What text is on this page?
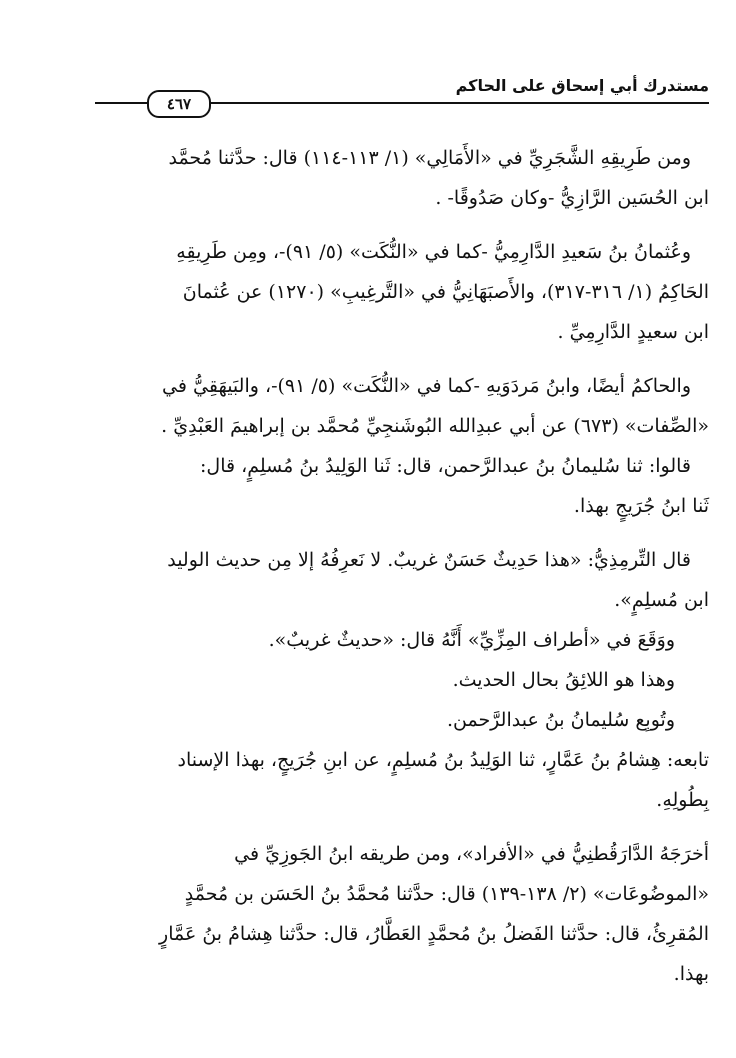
مستدرك أبي إسحاق على الحاكم
٤٦٧
ومن طَرِيقِهِ الشَّجَرِيِّ في «الأَمَالِي» (١/ ١١٣-١١٤) قال: حدَّثنا مُحمَّد
ابن الحُسَين الرَّازِيُّ -وكان صَدُوقًا- .
وعُثمانُ بنُ سَعيدِ الدَّارِمِيُّ -كما في «النُّكَت» (٥/ ٩١)-، ومِن طَرِيقِهِ
الحَاكِمُ (١/ ٣١٦-٣١٧)، والأَصبَهَانِيُّ في «التَّرغِيبِ» (١٢٧٠) عن عُثمانَ
ابن سعيدٍ الدَّارِمِيِّ .
والحاكمُ أيضًا، وابنُ مَردَوَيهِ -كما في «النُّكَت» (٥/ ٩١)-، والبَيهَقِيُّ في
«الصِّفات» (٦٧٣) عن أبي عبدِالله البُوشَنجِيِّ مُحمَّد بن إبراهيمَ العَبْدِيِّ .
قالوا: ثنا سُليمانُ بنُ عبدالرَّحمن، قال: ثَنا الوَلِيدُ بنُ مُسلِمٍ، قال:
ثَنا ابنُ جُرَيجٍ بهذا.
قال التِّرمِذِيُّ: «هذا حَدِيثٌ حَسَنٌ غريبٌ. لا نَعرِفُهُ إلا مِن حديث الوليد
ابن مُسلِمٍ».
ووَقَعَ في «أطراف المِزِّيِّ» أَنَّهُ قال: «حديثٌ غريبٌ».
وهذا هو اللائِقُ بحال الحديث.
وتُوبِع سُليمانُ بنُ عبدالرَّحمن.
تابعه: هِشامُ بنُ عَمَّارٍ، ثنا الوَلِيدُ بنُ مُسلِمٍ، عن ابنِ جُرَيجٍ، بهذا الإسناد
بِطُولِهِ.
أخرَجَهُ الدَّارَقُطنِيُّ في «الأفراد»، ومن طريقه ابنُ الجَوزِيِّ في
«الموضُوعَات» (٢/ ١٣٨-١٣٩) قال: حدَّثنا مُحمَّدُ بنُ الحَسَن بن مُحمَّدٍ
المُقرِئُ، قال: حدَّثنا الفَضلُ بنُ مُحمَّدٍ العَطَّارُ، قال: حدَّثنا هِشامُ بنُ عَمَّارٍ
بهذا.
